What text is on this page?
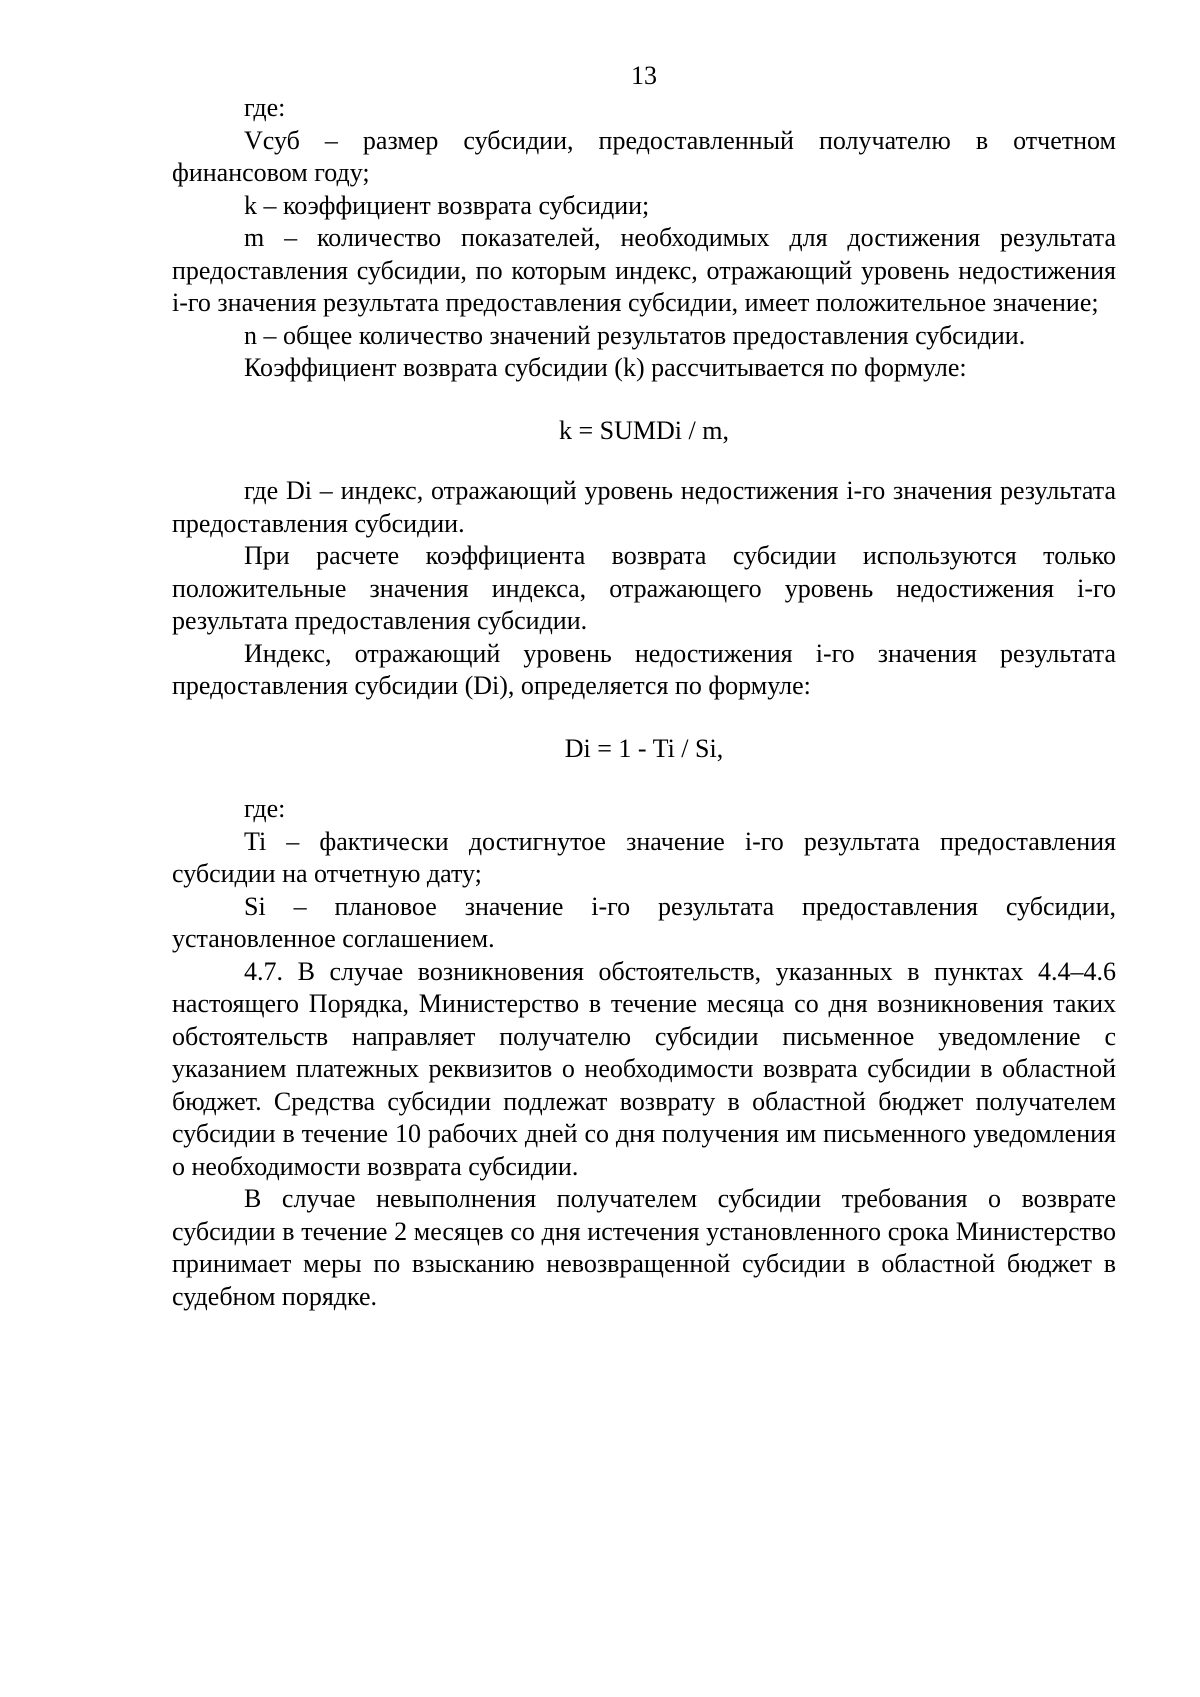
13

где:

Vсуб – размер субсидии, предоставленный получателю в отчетном финансовом году;

k – коэффициент возврата субсидии;

m – количество показателей, необходимых для достижения результата предоставления субсидии, по которым индекс, отражающий уровень недостижения i-го значения результата предоставления субсидии, имеет положительное значение;

n – общее количество значений результатов предоставления субсидии.

Коэффициент возврата субсидии (k) рассчитывается по формуле:

k = SUMDi / m,

где Di – индекс, отражающий уровень недостижения i-го значения результата предоставления субсидии.

При расчете коэффициента возврата субсидии используются только положительные значения индекса, отражающего уровень недостижения i-го результата предоставления субсидии.

Индекс, отражающий уровень недостижения i-го значения результата предоставления субсидии (Di), определяется по формуле:

Di = 1 - Ti / Si,

где:

Ti – фактически достигнутое значение i-го результата предоставления субсидии на отчетную дату;

Si – плановое значение i-го результата предоставления субсидии, установленное соглашением.

4.7. В случае возникновения обстоятельств, указанных в пунктах 4.4–4.6 настоящего Порядка, Министерство в течение месяца со дня возникновения таких обстоятельств направляет получателю субсидии письменное уведомление с указанием платежных реквизитов о необходимости возврата субсидии в областной бюджет. Средства субсидии подлежат возврату в областной бюджет получателем субсидии в течение 10 рабочих дней со дня получения им письменного уведомления о необходимости возврата субсидии.

В случае невыполнения получателем субсидии требования о возврате субсидии в течение 2 месяцев со дня истечения установленного срока Министерство принимает меры по взысканию невозвращенной субсидии в областной бюджет в судебном порядке.
